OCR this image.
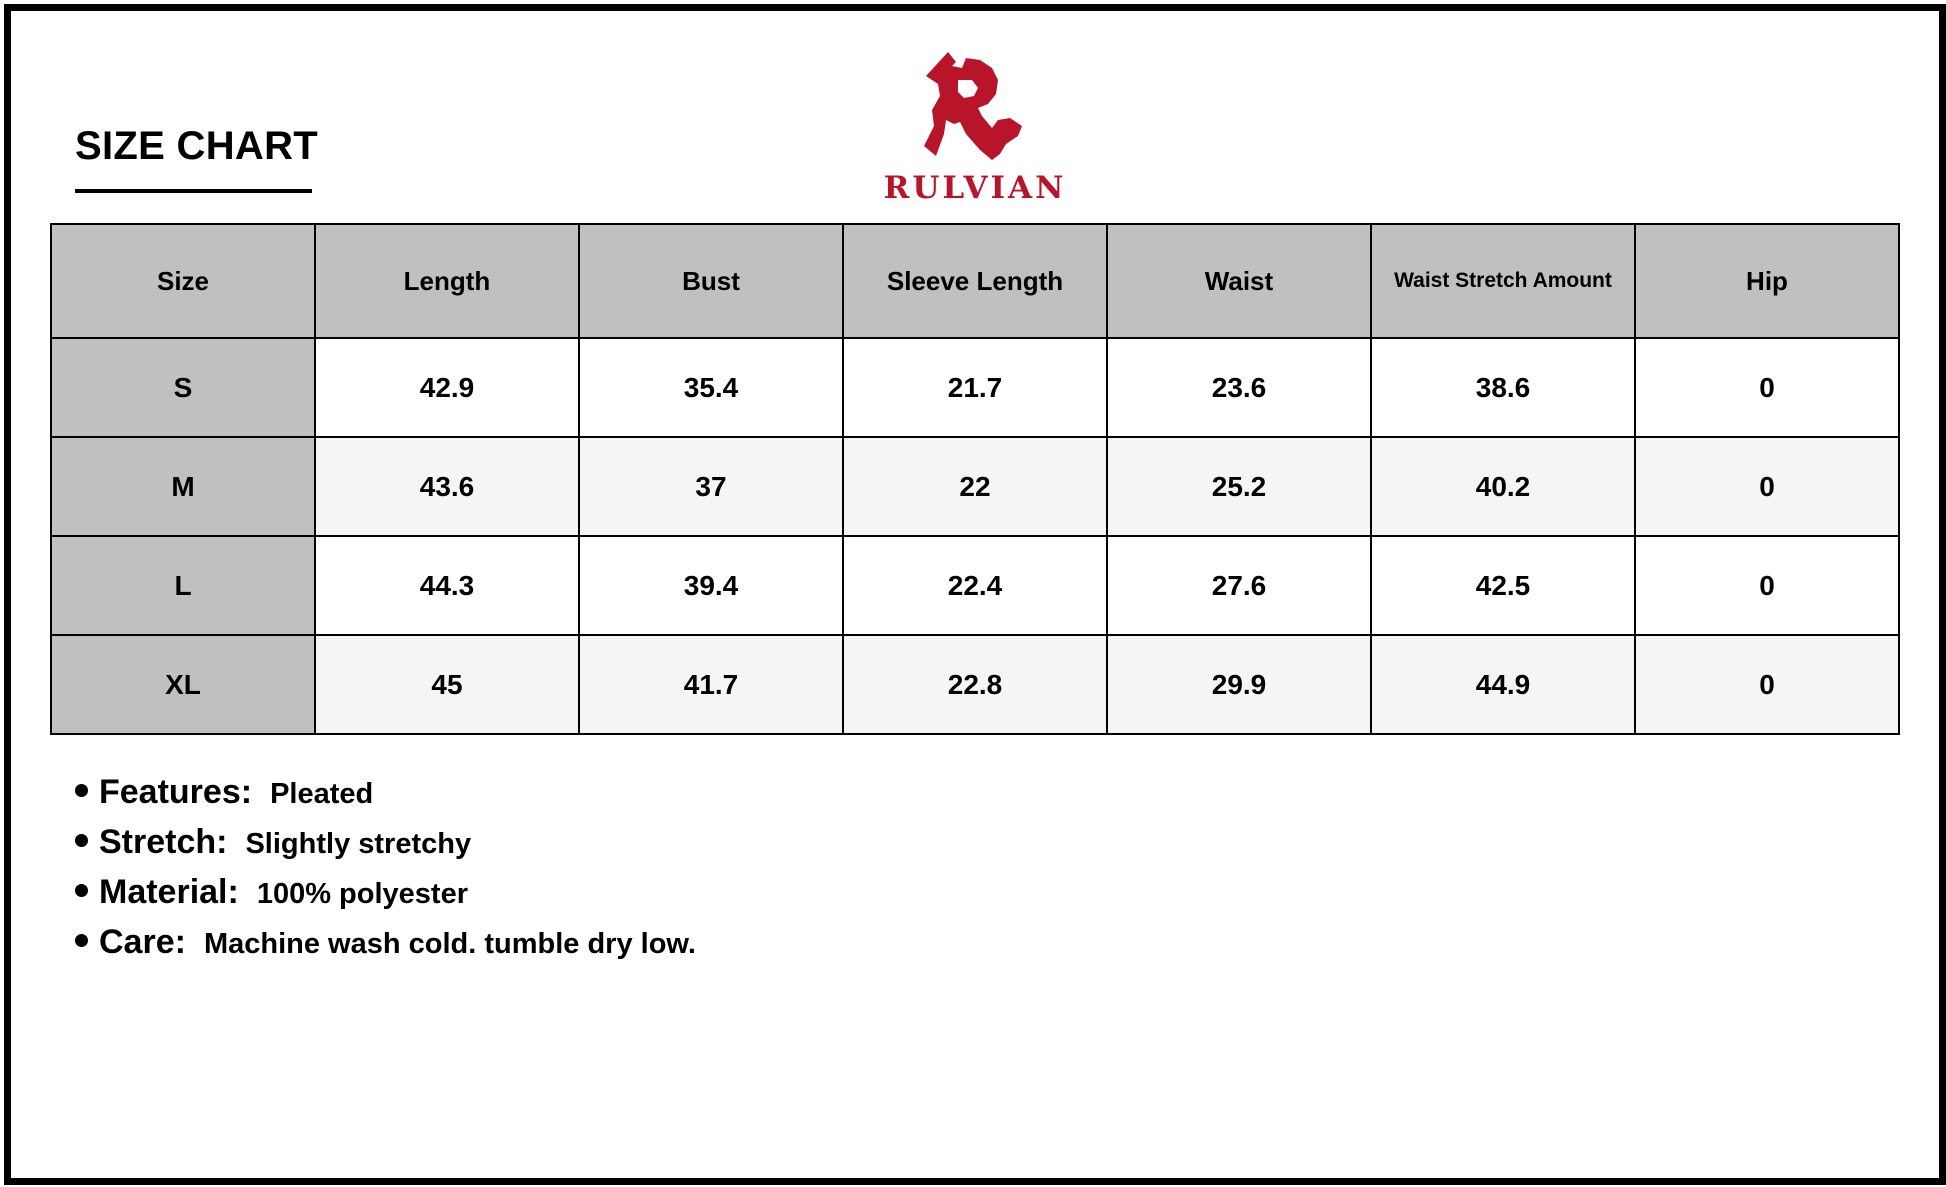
SIZE CHART
RULVIAN
Size	Length	Bust	Sleeve Length	Waist	Waist Stretch Amount	Hip
S	42.9	35.4	21.7	23.6	38.6	0
M	43.6	37	22	25.2	40.2	0
L	44.3	39.4	22.4	27.6	42.5	0
XL	45	41.7	22.8	29.9	44.9	0
Features: Pleated
Stretch: Slightly stretchy
Material: 100% polyester
Care: Machine wash cold. tumble dry low.
